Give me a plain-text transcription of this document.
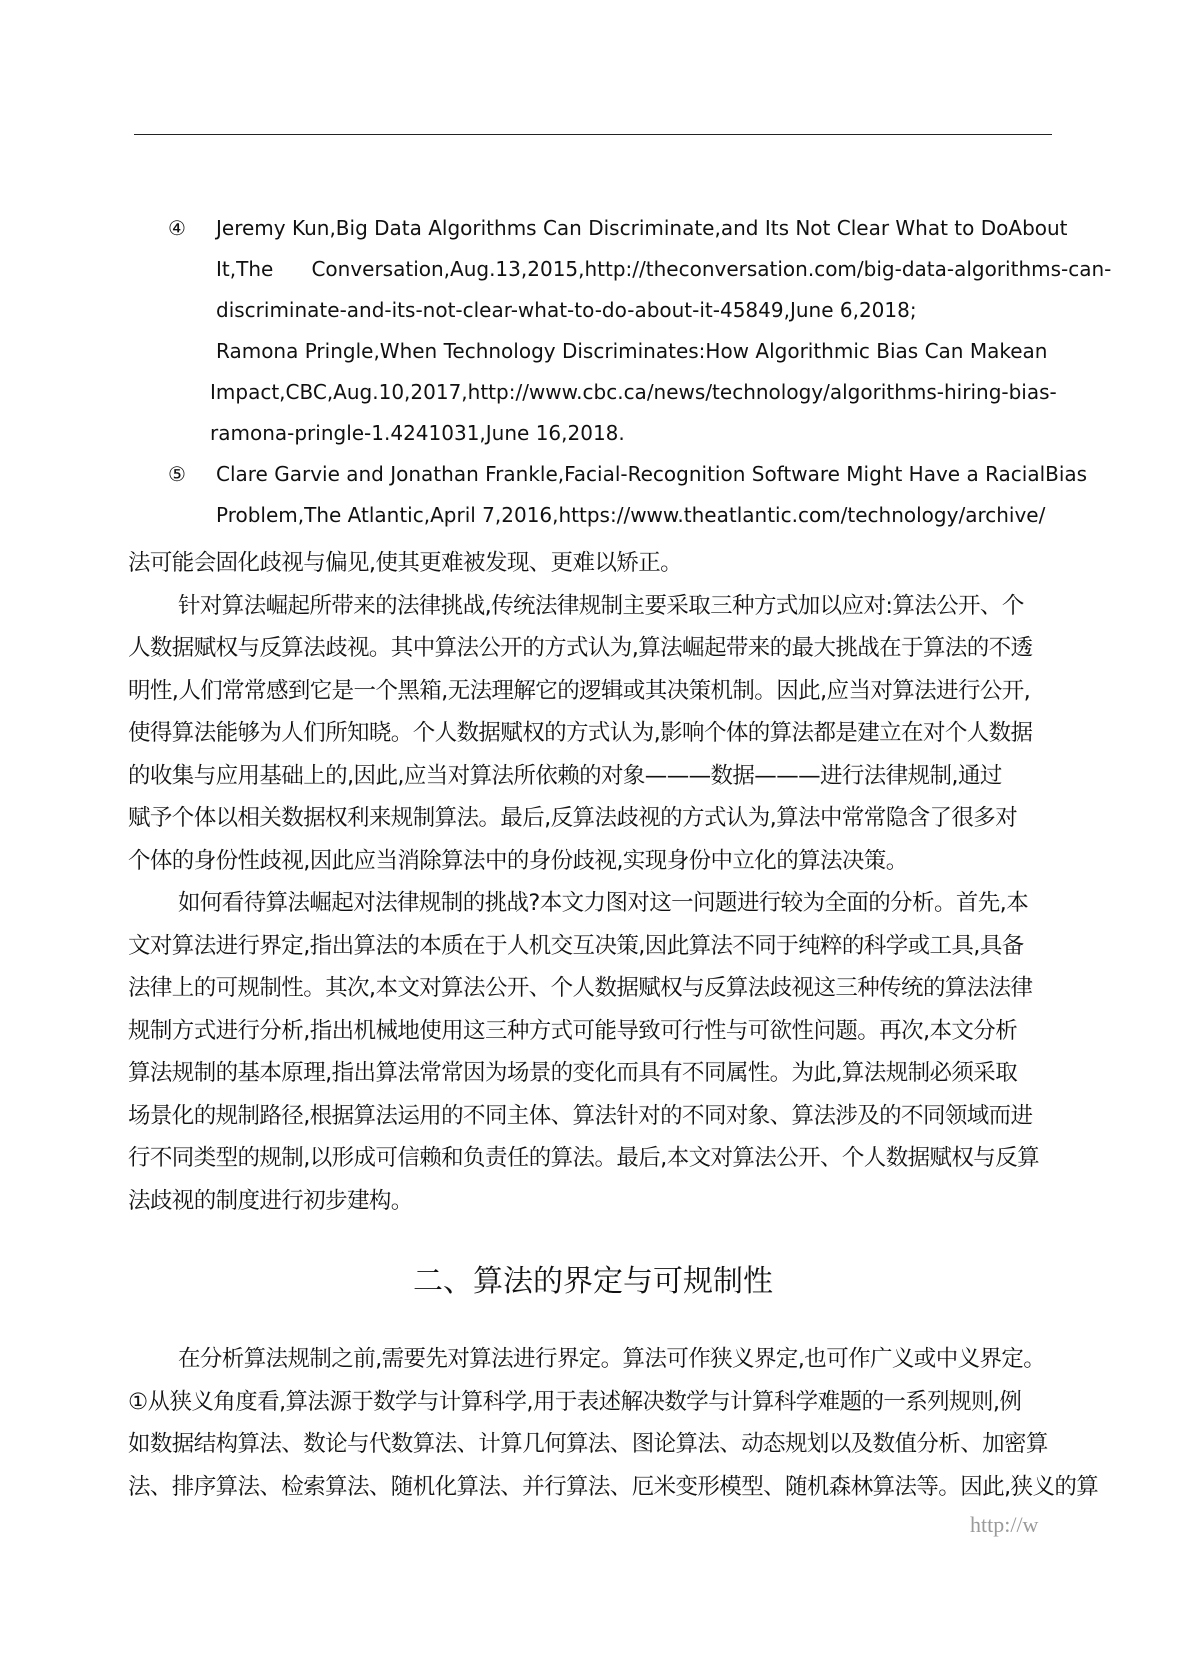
④ Jeremy Kun,Big Data Algorithms Can Discriminate,and Its Not Clear What to DoAbout
It,The      Conversation,Aug.13,2015,http://theconversation.com/big-data-algorithms-can-
discriminate-and-its-not-clear-what-to-do-about-it-45849,June 6,2018;
Ramona Pringle,When Technology Discriminates:How Algorithmic Bias Can Makean
Impact,CBC,Aug.10,2017,http://www.cbc.ca/news/technology/algorithms-hiring-bias-
ramona-pringle-1.4241031,June 16,2018.
⑤ Clare Garvie and Jonathan Frankle,Facial-Recognition Software Might Have a RacialBias
Problem,The Atlantic,April 7,2016,https://www.theatlantic.com/technology/archive/

法可能会固化歧视与偏见,使其更难被发现、更难以矫正。

针对算法崛起所带来的法律挑战,传统法律规制主要采取三种方式加以应对:算法公开、个
人数据赋权与反算法歧视。其中算法公开的方式认为,算法崛起带来的最大挑战在于算法的不透
明性,人们常常感到它是一个黑箱,无法理解它的逻辑或其决策机制。因此,应当对算法进行公开,
使得算法能够为人们所知晓。个人数据赋权的方式认为,影响个体的算法都是建立在对个人数据
的收集与应用基础上的,因此,应当对算法所依赖的对象———数据———进行法律规制,通过
赋予个体以相关数据权利来规制算法。最后,反算法歧视的方式认为,算法中常常隐含了很多对
个体的身份性歧视,因此应当消除算法中的身份歧视,实现身份中立化的算法决策。

如何看待算法崛起对法律规制的挑战?本文力图对这一问题进行较为全面的分析。首先,本
文对算法进行界定,指出算法的本质在于人机交互决策,因此算法不同于纯粹的科学或工具,具备
法律上的可规制性。其次,本文对算法公开、个人数据赋权与反算法歧视这三种传统的算法法律
规制方式进行分析,指出机械地使用这三种方式可能导致可行性与可欲性问题。再次,本文分析
算法规制的基本原理,指出算法常常因为场景的变化而具有不同属性。为此,算法规制必须采取
场景化的规制路径,根据算法运用的不同主体、算法针对的不同对象、算法涉及的不同领域而进
行不同类型的规制,以形成可信赖和负责任的算法。最后,本文对算法公开、个人数据赋权与反算
法歧视的制度进行初步建构。

二、算法的界定与可规制性

在分析算法规制之前,需要先对算法进行界定。算法可作狭义界定,也可作广义或中义界定。
①从狭义角度看,算法源于数学与计算科学,用于表述解决数学与计算科学难题的一系列规则,例
如数据结构算法、数论与代数算法、计算几何算法、图论算法、动态规划以及数值分析、加密算
法、排序算法、检索算法、随机化算法、并行算法、厄米变形模型、随机森林算法等。因此,狭义的算

http://w
